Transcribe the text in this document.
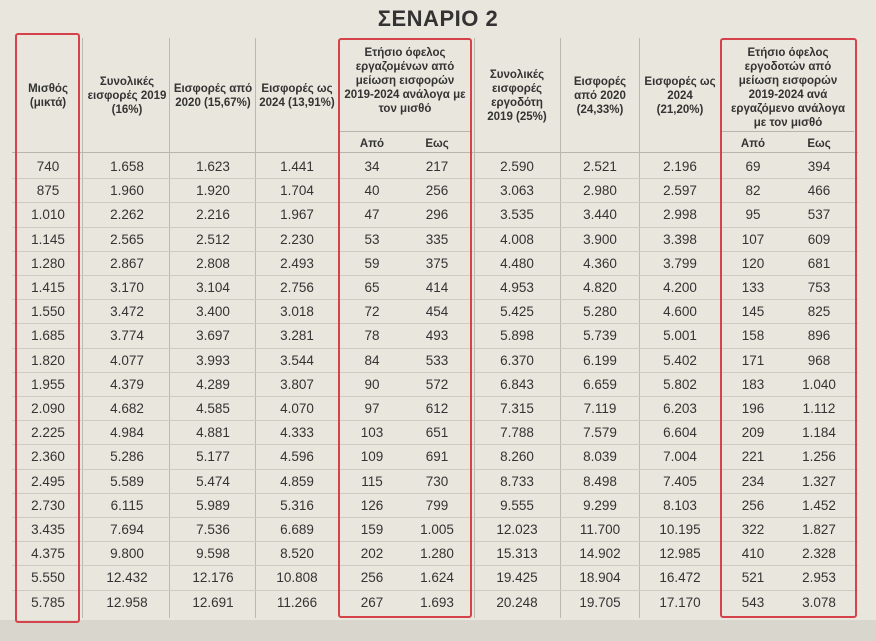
ΣΕΝΑΡΙΟ 2
Μισθός (μικτά)
Συνολικές εισφορές 2019 (16%)
Εισφορές από 2020 (15,67%)
Εισφορές ως 2024 (13,91%)
Ετήσιο όφελος εργαζομένων από μείωση εισφορών 2019-2024 ανάλογα με τον μισθό
Από	Εως
Συνολικές εισφορές εργοδότη 2019 (25%)
Εισφορές από 2020 (24,33%)
Εισφορές ως 2024 (21,20%)
Ετήσιο όφελος εργοδοτών από μείωση εισφορών 2019-2024 ανά εργαζόμενο ανάλογα με τον μισθό
Από	Εως
740	1.658	1.623	1.441	34	217	2.590	2.521	2.196	69	394
875	1.960	1.920	1.704	40	256	3.063	2.980	2.597	82	466
1.010	2.262	2.216	1.967	47	296	3.535	3.440	2.998	95	537
1.145	2.565	2.512	2.230	53	335	4.008	3.900	3.398	107	609
1.280	2.867	2.808	2.493	59	375	4.480	4.360	3.799	120	681
1.415	3.170	3.104	2.756	65	414	4.953	4.820	4.200	133	753
1.550	3.472	3.400	3.018	72	454	5.425	5.280	4.600	145	825
1.685	3.774	3.697	3.281	78	493	5.898	5.739	5.001	158	896
1.820	4.077	3.993	3.544	84	533	6.370	6.199	5.402	171	968
1.955	4.379	4.289	3.807	90	572	6.843	6.659	5.802	183	1.040
2.090	4.682	4.585	4.070	97	612	7.315	7.119	6.203	196	1.112
2.225	4.984	4.881	4.333	103	651	7.788	7.579	6.604	209	1.184
2.360	5.286	5.177	4.596	109	691	8.260	8.039	7.004	221	1.256
2.495	5.589	5.474	4.859	115	730	8.733	8.498	7.405	234	1.327
2.730	6.115	5.989	5.316	126	799	9.555	9.299	8.103	256	1.452
3.435	7.694	7.536	6.689	159	1.005	12.023	11.700	10.195	322	1.827
4.375	9.800	9.598	8.520	202	1.280	15.313	14.902	12.985	410	2.328
5.550	12.432	12.176	10.808	256	1.624	19.425	18.904	16.472	521	2.953
5.785	12.958	12.691	11.266	267	1.693	20.248	19.705	17.170	543	3.078
